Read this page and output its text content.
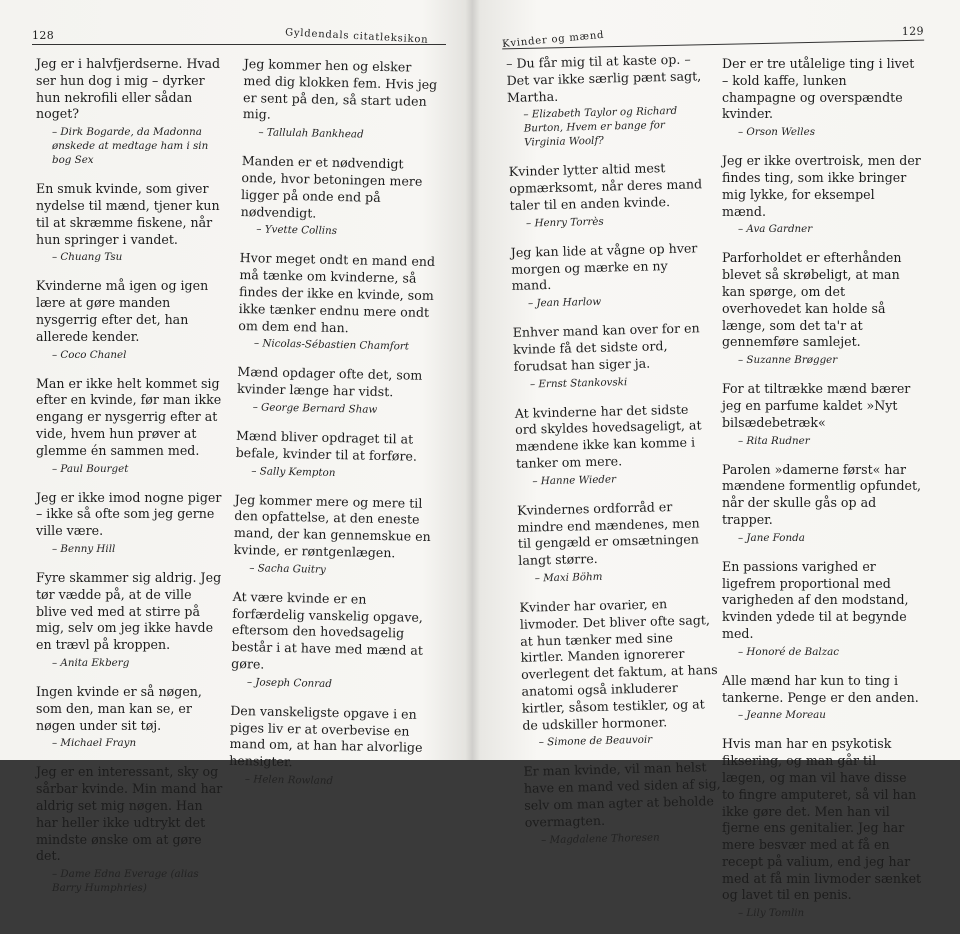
128	Gyldendals citatleksikon

Jeg er i halvfjerdserne. Hvad ser hun dog i mig – dyrker hun nekrofili eller sådan noget?

– Dirk Bogarde, da Madonna ønskede at medtage ham i sin bog Sex

En smuk kvinde, som giver nydelse til mænd, tjener kun til at skræmme fiskene, når hun springer i vandet.

– Chuang Tsu

Kvinderne må igen og igen lære at gøre manden nysgerrig efter det, han allerede kender.

– Coco Chanel

Man er ikke helt kommet sig efter en kvinde, før man ikke engang er nysgerrig efter at vide, hvem hun prøver at glemme én sammen med.

– Paul Bourget

Jeg er ikke imod nogne piger – ikke så ofte som jeg gerne ville være.

– Benny Hill

Fyre skammer sig aldrig. Jeg tør vædde på, at de ville blive ved med at stirre på mig, selv om jeg ikke havde en trævl på kroppen.

– Anita Ekberg

Ingen kvinde er så nøgen, som den, man kan se, er nøgen under sit tøj.

– Michael Frayn

Jeg er en interessant, sky og sårbar kvinde. Min mand har aldrig set mig nøgen. Han har heller ikke udtrykt det mindste ønske om at gøre det.

– Dame Edna Everage (alias Barry Humphries)

Jeg kommer hen og elsker med dig klokken fem. Hvis jeg er sent på den, så start uden mig.

– Tallulah Bankhead

Manden er et nødvendigt onde, hvor betoningen mere ligger på onde end på nødvendigt.

– Yvette Collins

Hvor meget ondt en mand end må tænke om kvinderne, så findes der ikke en kvinde, som ikke tænker endnu mere ondt om dem end han.

– Nicolas-Sébastien Chamfort

Mænd opdager ofte det, som kvinder længe har vidst.

– George Bernard Shaw

Mænd bliver opdraget til at befale, kvinder til at forføre.

– Sally Kempton

Jeg kommer mere og mere til den opfattelse, at den eneste mand, der kan gennemskue en kvinde, er røntgenlægen.

– Sacha Guitry

At være kvinde er en forfærdelig vanskelig opgave, eftersom den hovedsagelig består i at have med mænd at gøre.

– Joseph Conrad

Den vanskeligste opgave i en piges liv er at overbevise en mand om, at han har alvorlige hensigter.

– Helen Rowland

Kvinder og mænd	129

– Du får mig til at kaste op. – Det var ikke særlig pænt sagt, Martha.

– Elizabeth Taylor og Richard Burton, Hvem er bange for Virginia Woolf?

Kvinder lytter altid mest opmærksomt, når deres mand taler til en anden kvinde.

– Henry Torrès

Jeg kan lide at vågne op hver morgen og mærke en ny mand.

– Jean Harlow

Enhver mand kan over for en kvinde få det sidste ord, forudsat han siger ja.

– Ernst Stankovski

At kvinderne har det sidste ord skyldes hovedsageligt, at mændene ikke kan komme i tanker om mere.

– Hanne Wieder

Kvindernes ordforråd er mindre end mændenes, men til gengæld er omsætningen langt større.

– Maxi Böhm

Kvinder har ovarier, en livmoder. Det bliver ofte sagt, at hun tænker med sine kirtler. Manden ignorerer overlegent det faktum, at hans anatomi også inkluderer kirtler, såsom testikler, og at de udskiller hormoner.

– Simone de Beauvoir

Er man kvinde, vil man helst have en mand ved siden af sig, selv om man agter at beholde overmagten.

– Magdalene Thoresen

Der er tre utålelige ting i livet – kold kaffe, lunken champagne og overspændte kvinder.

– Orson Welles

Jeg er ikke overtroisk, men der findes ting, som ikke bringer mig lykke, for eksempel mænd.

– Ava Gardner

Parforholdet er efterhånden blevet så skrøbeligt, at man kan spørge, om det overhovedet kan holde så længe, som det ta'r at gennemføre samlejet.

– Suzanne Brøgger

For at tiltrække mænd bærer jeg en parfume kaldet »Nyt bilsædebetræk«

– Rita Rudner

Parolen »damerne først« har mændene formentlig opfundet, når der skulle gås op ad trapper.

– Jane Fonda

En passions varighed er ligefrem proportional med varigheden af den modstand, kvinden ydede til at begynde med.

– Honoré de Balzac

Alle mænd har kun to ting i tankerne. Penge er den anden.

– Jeanne Moreau

Hvis man har en psykotisk fiksering, og man går til lægen, og man vil have disse to fingre amputeret, så vil han ikke gøre det. Men han vil fjerne ens genitalier. Jeg har mere besvær med at få en recept på valium, end jeg har med at få min livmoder sænket og lavet til en penis.

– Lily Tomlin
